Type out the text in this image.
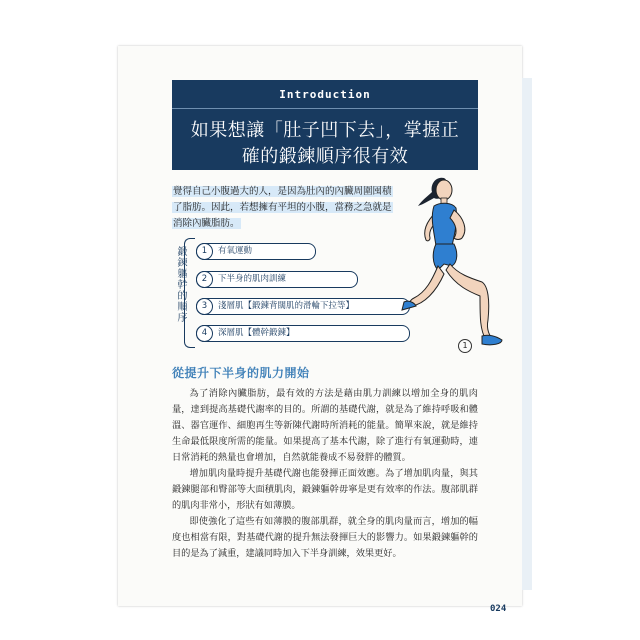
Introduction
如果想讓「肚子凹下去」，掌握正
確的鍛鍊順序很有效
覺得自己小腹過大的人，是因為肚內的內臟周圍囤積
了脂肪。因此，若想擁有平坦的小腹，當務之急就是
消除內臟脂肪。
鍛鍊軀幹的順序	1	有氧運動
2	下半身的肌肉訓練
3	淺層肌【鍛鍊背闊肌的滑輪下拉等】
4	深層肌【體幹鍛鍊】
1
從提升下半身的肌力開始

為了消除內臟脂肪，最有效的方法是藉由肌力訓練以增加全身的肌肉量，達到提高基礎代謝率的目的。所謂的基礎代謝，就是為了維持呼吸和體溫、器官運作、細胞再生等新陳代謝時所消耗的能量。簡單來說，就是維持生命最低限度所需的能量。如果提高了基本代謝，除了進行有氧運動時，連日常消耗的熱量也會增加，自然就能養成不易發胖的體質。

增加肌肉量時提升基礎代謝也能發揮正面效應。為了增加肌肉量，與其鍛鍊腿部和臀部等大面積肌肉，鍛鍊軀幹毋寧是更有效率的作法。腹部肌群的肌肉非常小，形狀有如薄膜。

即使強化了這些有如薄膜的腹部肌群，就全身的肌肉量而言，增加的幅度也相當有限，對基礎代謝的提升無法發揮巨大的影響力。如果鍛鍊軀幹的目的是為了減重，建議同時加入下半身訓練，效果更好。

024
